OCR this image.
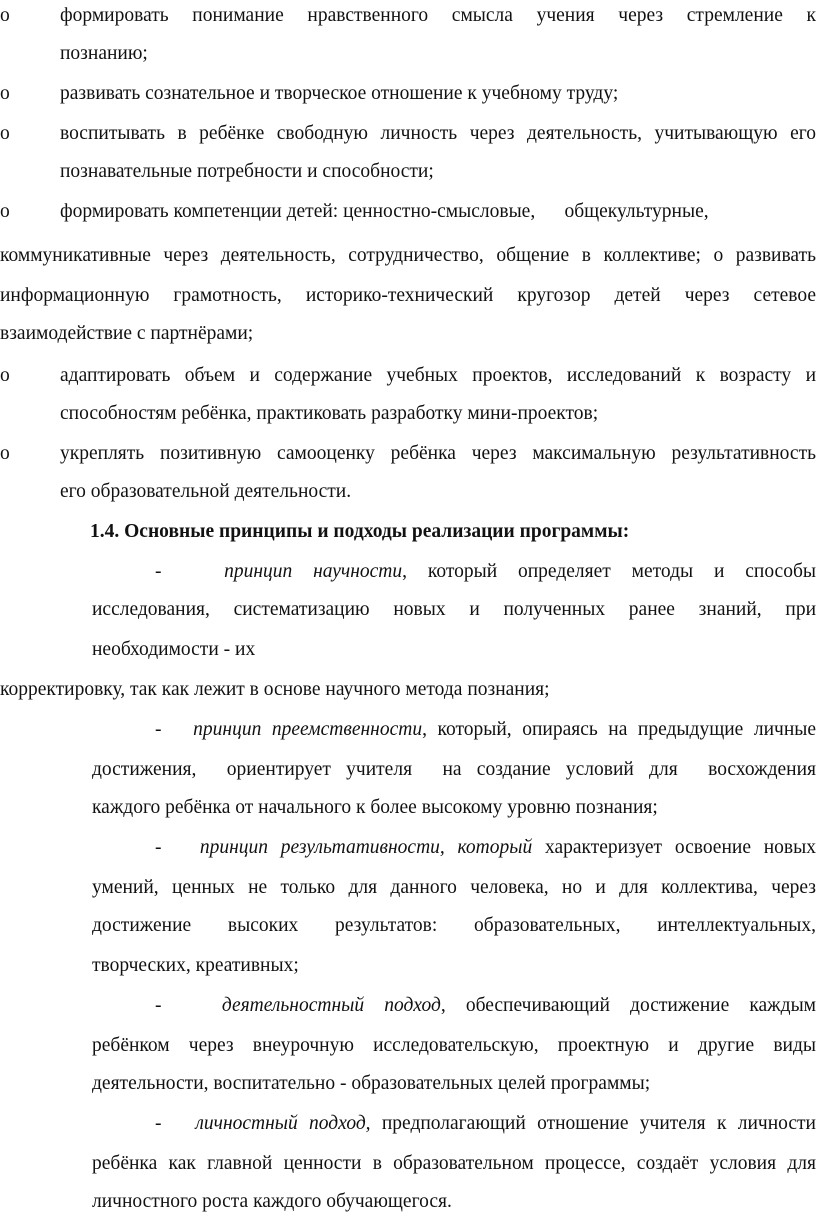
o	формировать понимание нравственного смысла учения через стремление к
познанию;
o	развивать сознательное и творческое отношение к учебному труду;
o	воспитывать в ребёнке свободную личность через деятельность, учитывающую его
познавательные потребности и способности;
o	формировать компетенции детей: ценностно-смысловые,      общекультурные,
коммуникативные через деятельность, сотрудничество, общение в коллективе; о развивать
информационную грамотность, историко-технический кругозор детей через сетевое
взаимодействие с партнёрами;
o	адаптировать объем и содержание учебных проектов, исследований к возрасту и
способностям ребёнка, практиковать разработку мини-проектов;
o	укреплять позитивную самооценку ребёнка через максимальную результативность
его образовательной деятельности.
1.4. Основные принципы и подходы реализации программы:
-	принцип научности, который определяет методы и способы
исследования, систематизацию новых и полученных ранее знаний, при
необходимости - их
корректировку, так как лежит в основе научного метода познания;
- принцип преемственности, который, опираясь на предыдущие личные
достижения,  ориентирует учителя  на создание условий для  восхождения
каждого ребёнка от начального к более высокому уровню познания;
- принцип результативности, который характеризует освоение новых
умений, ценных не только для данного человека, но и для коллектива, через
достижение высоких результатов: образовательных, интеллектуальных,
творческих, креативных;
-	деятельностный подход, обеспечивающий достижение каждым
ребёнком через внеурочную исследовательскую, проектную и другие виды
деятельности, воспитательно - образовательных целей программы;
- личностный подход, предполагающий отношение учителя к личности
ребёнка как главной ценности в образовательном процессе, создаёт условия для
личностного роста каждого обучающегося.
